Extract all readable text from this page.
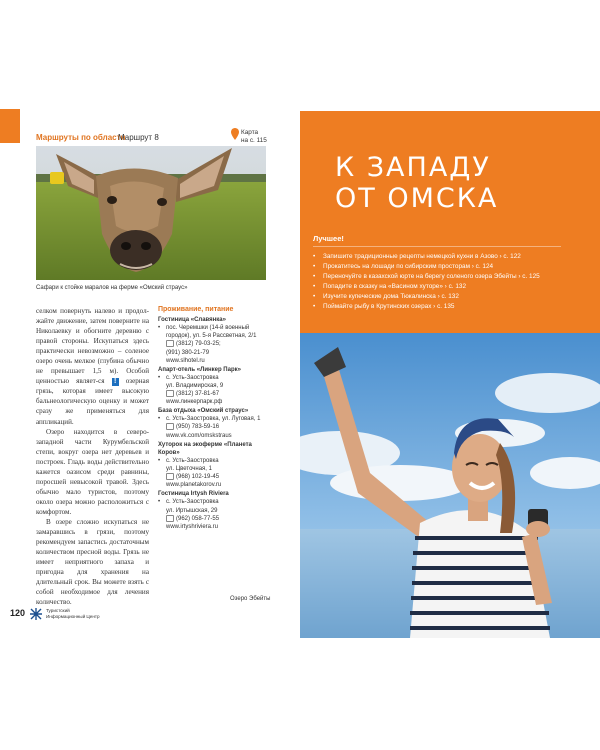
Маршруты по области
Маршрут 8
Карта
на с. 115
Сафари к стойке маралов на ферме «Омский страус»

селком повернуть налево и продол-жайте движение, затем поверните на Николаевку и обогните деревню с правой стороны. Искупаться здесь практически невозможно – соленое озеро очень мелкое (глубина обычно не превышает 1,5 м). Особой ценностью являет-ся ! озерная грязь, которая имеет высокую бальнеологическую оценку и может сразу же применяться для аппликаций.

Озеро находится в северо-западной части Курумбельской степи, вокруг озера нет деревьев и построек. Гладь воды действительно кажется оазисом среди равнины, поросшей невысокой травой. Здесь обычно мало туристов, поэтому около озера можно расположиться с комфортом.

В озере сложно искупаться не замаравшись в грязи, поэтому рекомендуем запастись достаточным количеством пресной воды. Грязь не имеет неприятного запаха и пригодна для хранения на длительный срок. Вы можете взять с собой необходимое для лечения количество.

Проживание, питание
Гостиница «Славянка»
• пос. Черемшки (14-й военный городок), ул. 5-я Рассветная, 2/1
(3812) 79-03-25;
(991) 380-21-79
www.slhotel.ru
Апарт-отель «Линкер Парк»
• с. Усть-Заостровка
ул. Владимирская, 9
(3812) 37-81-67
www.линкерпарк.рф
База отдыха «Омский страус»
• с. Усть-Заостровка, ул. Луговая, 1
(950) 783-59-16
www.vk.com/omskstraus
Хуторок на экоферме «Планета Коров»
• с. Усть-Заостровка
ул. Цветочная, 1
(968) 102-19-45
www.planetakorov.ru
Гостиница Irtysh Riviera
• с. Усть-Заостровка
ул. Иртышская, 29
(962) 058-77-55
www.irtyshriviera.ru
Озеро Эбейты
120	Туристский
Информационный Центр
К ЗАПАДУ
ОТ ОМСКА
Лучшее!
• Запишите традиционные рецепты немецкой кухни в Азово › с. 122
• Прокатитесь на лошади по сибирским просторам › с. 124
• Переночуйте в казахской юрте на берегу соленого озера Эбейты › с. 125
• Попадите в сказку на «Васином хуторе» › с. 132
• Изучите купеческие дома Тюкалинска › с. 132
• Поймайте рыбу в Крутинских озерах › с. 135
